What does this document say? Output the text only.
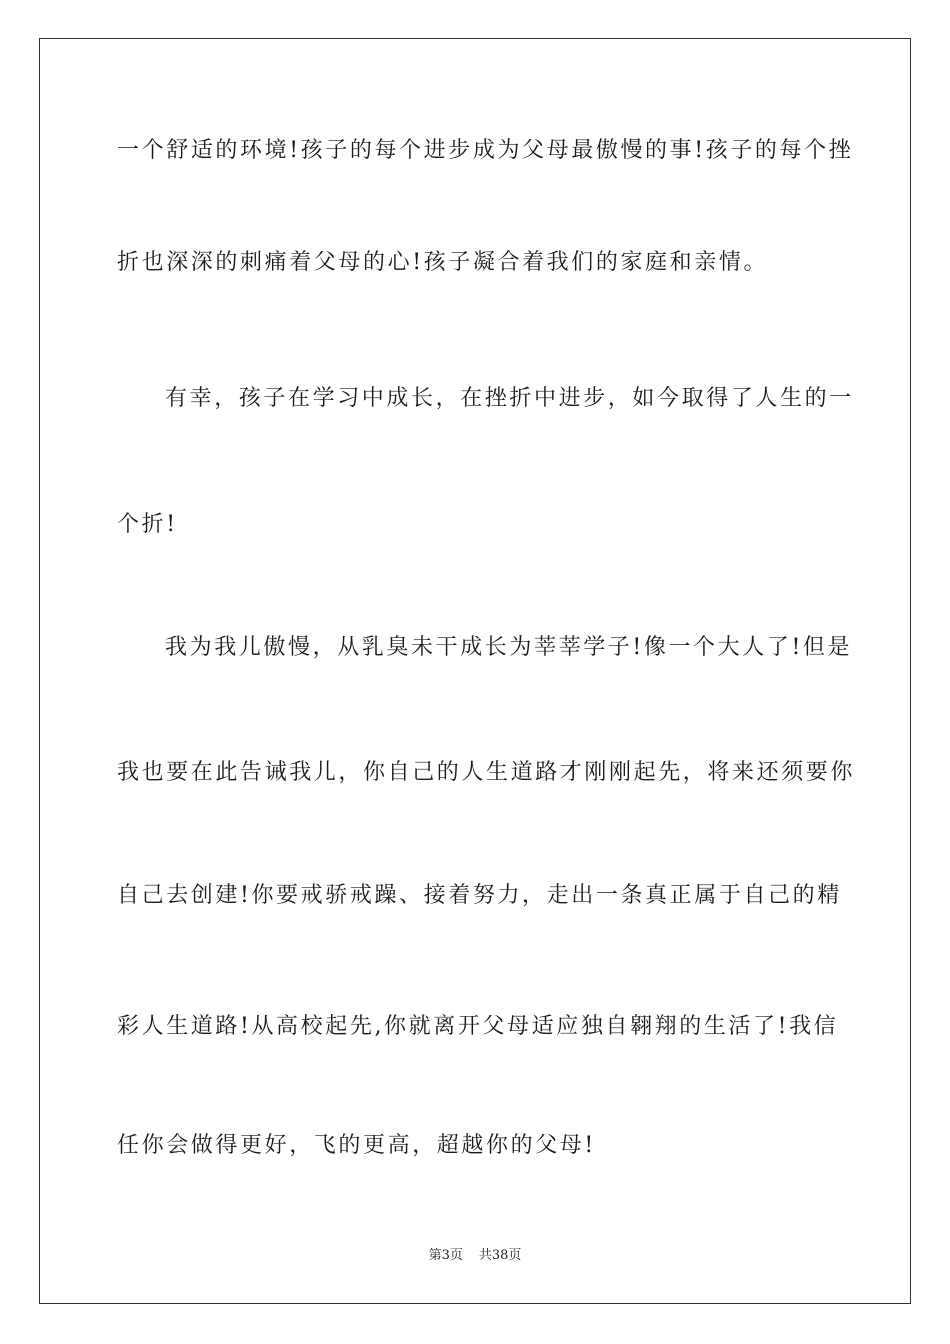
一个舒适的环境!孩子的每个进步成为父母最傲慢的事!孩子的每个挫
折也深深的刺痛着父母的心!孩子凝合着我们的家庭和亲情。
有幸，孩子在学习中成长，在挫折中进步，如今取得了人生的一
个折!
我为我儿傲慢，从乳臭未干成长为莘莘学子!像一个大人了!但是
我也要在此告诫我儿，你自己的人生道路才刚刚起先，将来还须要你
自己去创建!你要戒骄戒躁、接着努力，走出一条真正属于自己的精
彩人生道路!从高校起先,你就离开父母适应独自翱翔的生活了!我信
任你会做得更好，飞的更高，超越你的父母!
第3页 共38页
